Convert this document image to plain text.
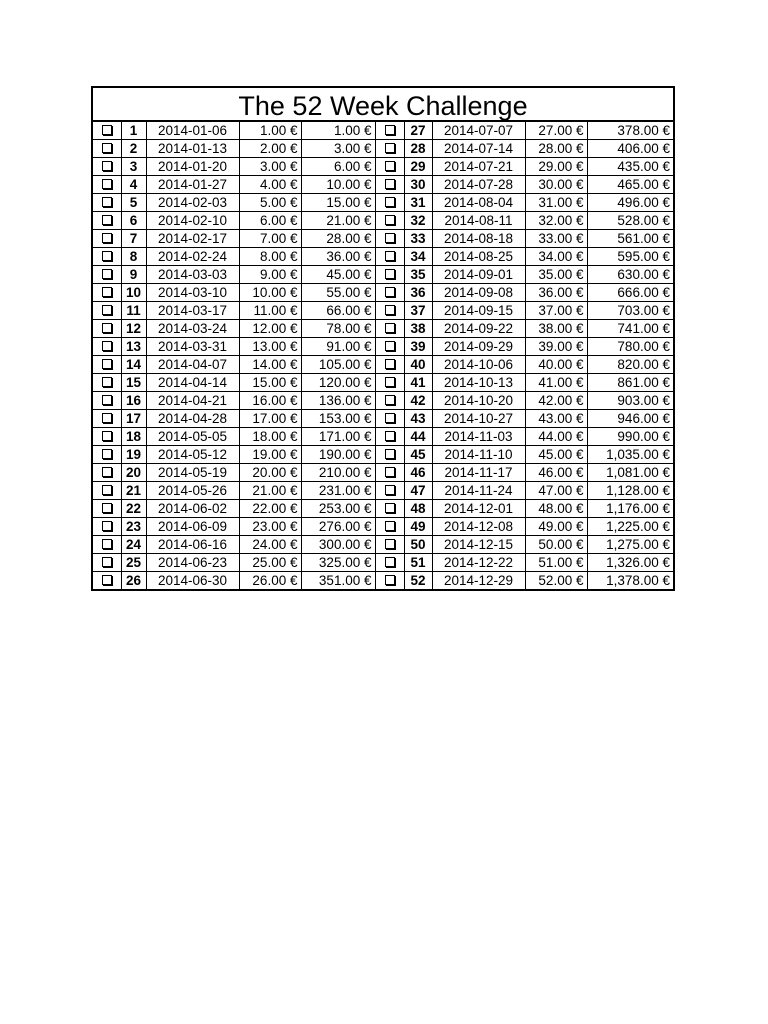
The 52 Week Challenge
	1	2014-01-06	1.00 €	1.00 €		27	2014-07-07	27.00 €	378.00 €
	2	2014-01-13	2.00 €	3.00 €		28	2014-07-14	28.00 €	406.00 €
	3	2014-01-20	3.00 €	6.00 €		29	2014-07-21	29.00 €	435.00 €
	4	2014-01-27	4.00 €	10.00 €		30	2014-07-28	30.00 €	465.00 €
	5	2014-02-03	5.00 €	15.00 €		31	2014-08-04	31.00 €	496.00 €
	6	2014-02-10	6.00 €	21.00 €		32	2014-08-11	32.00 €	528.00 €
	7	2014-02-17	7.00 €	28.00 €		33	2014-08-18	33.00 €	561.00 €
	8	2014-02-24	8.00 €	36.00 €		34	2014-08-25	34.00 €	595.00 €
	9	2014-03-03	9.00 €	45.00 €		35	2014-09-01	35.00 €	630.00 €
	10	2014-03-10	10.00 €	55.00 €		36	2014-09-08	36.00 €	666.00 €
	11	2014-03-17	11.00 €	66.00 €		37	2014-09-15	37.00 €	703.00 €
	12	2014-03-24	12.00 €	78.00 €		38	2014-09-22	38.00 €	741.00 €
	13	2014-03-31	13.00 €	91.00 €		39	2014-09-29	39.00 €	780.00 €
	14	2014-04-07	14.00 €	105.00 €		40	2014-10-06	40.00 €	820.00 €
	15	2014-04-14	15.00 €	120.00 €		41	2014-10-13	41.00 €	861.00 €
	16	2014-04-21	16.00 €	136.00 €		42	2014-10-20	42.00 €	903.00 €
	17	2014-04-28	17.00 €	153.00 €		43	2014-10-27	43.00 €	946.00 €
	18	2014-05-05	18.00 €	171.00 €		44	2014-11-03	44.00 €	990.00 €
	19	2014-05-12	19.00 €	190.00 €		45	2014-11-10	45.00 €	1,035.00 €
	20	2014-05-19	20.00 €	210.00 €		46	2014-11-17	46.00 €	1,081.00 €
	21	2014-05-26	21.00 €	231.00 €		47	2014-11-24	47.00 €	1,128.00 €
	22	2014-06-02	22.00 €	253.00 €		48	2014-12-01	48.00 €	1,176.00 €
	23	2014-06-09	23.00 €	276.00 €		49	2014-12-08	49.00 €	1,225.00 €
	24	2014-06-16	24.00 €	300.00 €		50	2014-12-15	50.00 €	1,275.00 €
	25	2014-06-23	25.00 €	325.00 €		51	2014-12-22	51.00 €	1,326.00 €
	26	2014-06-30	26.00 €	351.00 €		52	2014-12-29	52.00 €	1,378.00 €
